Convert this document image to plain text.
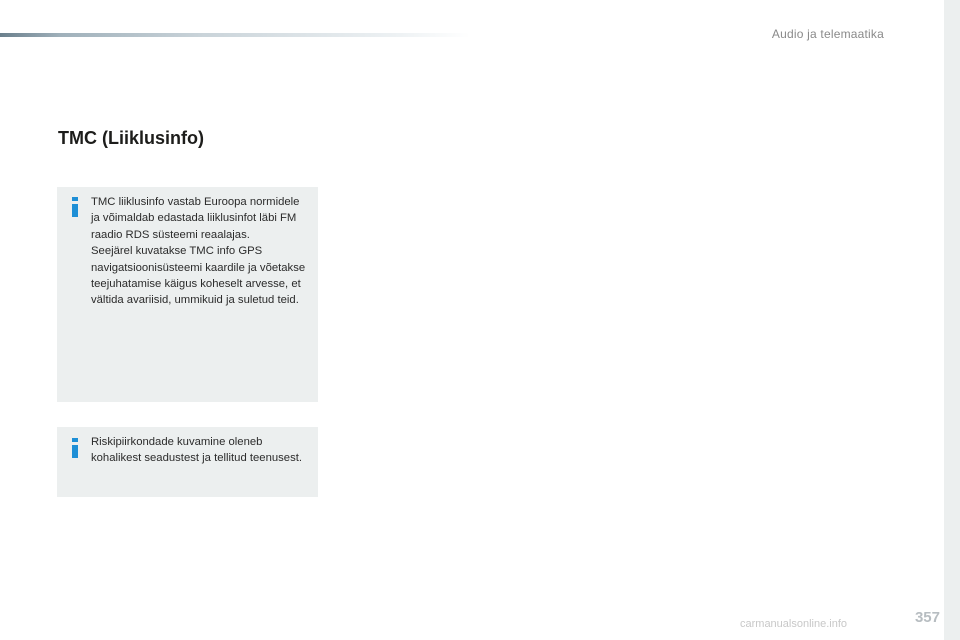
Audio ja telemaatika
TMC (Liiklusinfo)

TMC liiklusinfo vastab Euroopa normidele ja võimaldab edastada liiklusinfot läbi FM raadio RDS süsteemi reaalajas.

Seejärel kuvatakse TMC info GPS navigatsioonisüsteemi kaardile ja võetakse teejuhatamise käigus koheselt arvesse, et vältida avariisid, ummikuid ja suletud teid.

Riskipiirkondade kuvamine oleneb kohalikest seadustest ja tellitud teenusest.

357
carmanualsonline.info
